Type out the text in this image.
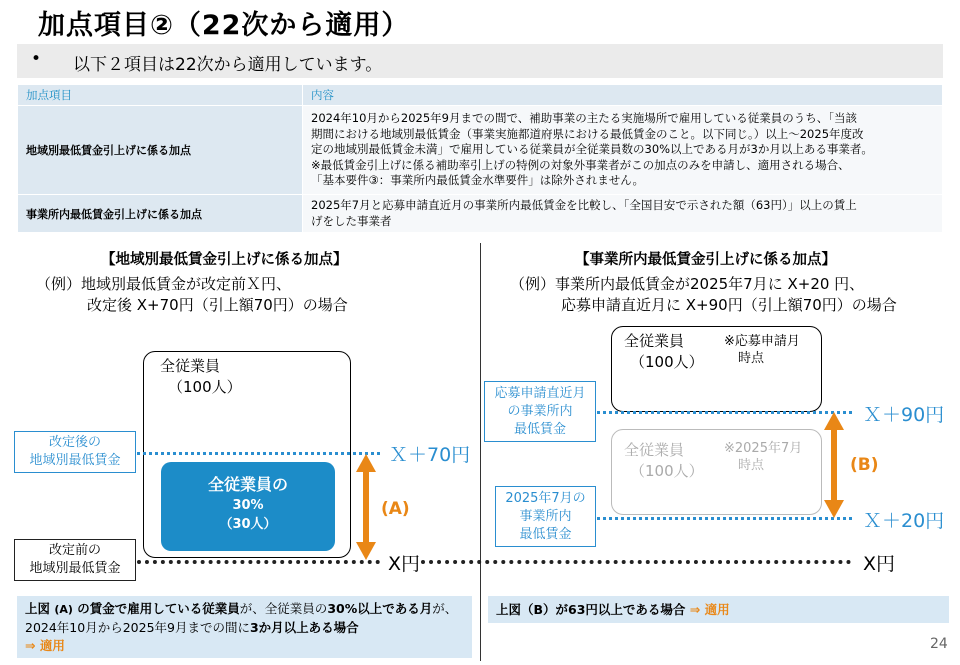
加点項目②（22次から適用）
• 以下２項目は22次から適用しています。
加点項目	内容
地域別最低賃金引上げに係る加点	2024年10月から2025年9月までの間で、補助事業の主たる実施場所で雇用している従業員のうち、「当該
期間における地域別最低賃金（事業実施都道府県における最低賃金のこと。以下同じ。）以上～2025年度改
定の地域別最低賃金未満」で雇用している従業員が全従業員数の30%以上である月が3か月以上ある事業者。
※最低賃金引上げに係る補助率引上げの特例の対象外事業者がこの加点のみを申請し、適用される場合、
「基本要件③：事業所内最低賃金水準要件」は除外されません。

事業所内最低賃金引上げに係る加点	2025年7月と応募申請直近月の事業所内最低賃金を比較し、「全国目安で示された額（63円）」以上の賃上
げをした事業者
【地域別最低賃金引上げに係る加点】
（例）地域別最低賃金が改定前Ｘ円、
改定後 X+70円（引上額70円）の場合
全従業員
（100人）
改定後の
地域別最低賃金
改定前の
地域別最低賃金
全従業員の
30%
（30人）
(A)
Ｘ＋70円
X円
上図 (A) の賃金で雇用している従業員が、全従業員の30%以上である月が、 2024年10月から2025年9月までの間に3か月以上ある場合
⇒ 適用
【事業所内最低賃金引上げに係る加点】
（例）事業所内最低賃金が2025年7月に X+20 円、
応募申請直近月に X+90円（引上額70円）の場合
全従業員
（100人）
※応募申請月
時点
全従業員
（100人）
※2025年7月
時点
応募申請直近月
の事業所内
最低賃金
2025年7月の
事業所内
最低賃金
(B)
Ｘ＋90円
Ｘ＋20円
X円
上図（B）が63円以上である場合 ⇒ 適用
24
